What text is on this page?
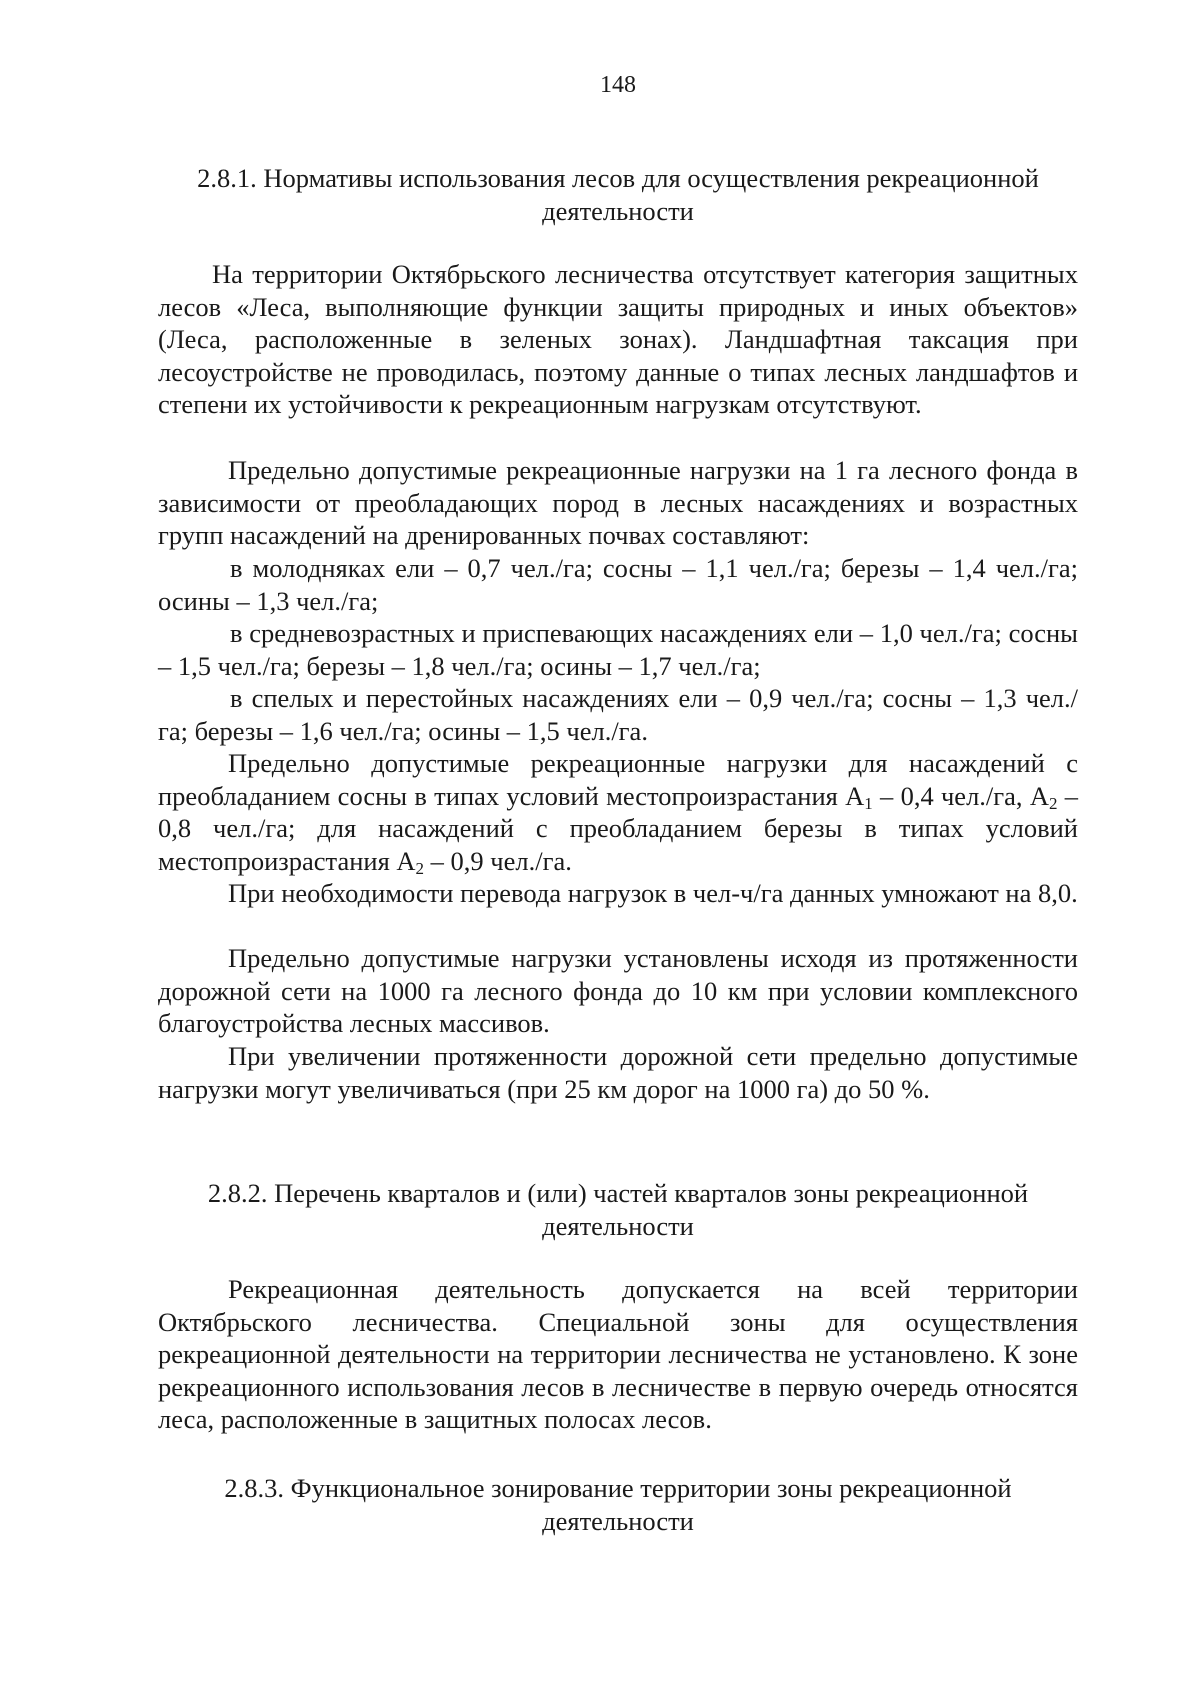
148
2.8.1. Нормативы использования лесов для осуществления рекреационной
деятельности

На территории Октябрьского лесничества отсутствует категория защитных лесов «Леса, выполняющие функции защиты природных и иных объектов» (Леса, расположенные в зеленых зонах). Ландшафтная таксация при лесоустройстве не проводилась, поэтому данные о типах лесных ландшафтов и степени их устойчивости к рекреационным нагрузкам отсутствуют.

Предельно допустимые рекреационные нагрузки на 1 га лесного фонда в зависимости от преобладающих пород в лесных насаждениях и возрастных групп насаждений на дренированных почвах составляют:

в молодняках ели – 0,7 чел./га; сосны – 1,1 чел./га; березы – 1,4 чел./га; осины – 1,3 чел./га;

в средневозрастных и приспевающих насаждениях ели – 1,0 чел./га; сосны – 1,5 чел./га; березы – 1,8 чел./га; осины – 1,7 чел./га;

в спелых и перестойных насаждениях ели – 0,9 чел./га; сосны – 1,3 чел./га; березы – 1,6 чел./га; осины – 1,5 чел./га.

Предельно допустимые рекреационные нагрузки для насаждений с преобладанием сосны в типах условий местопроизрастания $А_1 - 0,4$ чел./га, $А_2 - 0,8$ чел./га; для насаждений с преобладанием березы в типах условий местопроизрастания $А_2 - 0,9$ чел./га.

При необходимости перевода нагрузок в чел-ч/га данных умножают на 8,0.

Предельно допустимые нагрузки установлены исходя из протяженности дорожной сети на 1000 га лесного фонда до 10 км при условии комплексного благоустройства лесных массивов.

При увеличении протяженности дорожной сети предельно допустимые нагрузки могут увеличиваться (при 25 км дорог на 1000 га) до 50 %.

2.8.2. Перечень кварталов и (или) частей кварталов зоны рекреационной
деятельности

Рекреационная деятельность допускается на всей территории Октябрьского лесничества. Специальной зоны для осуществления рекреационной деятельности на территории лесничества не установлено. К зоне рекреационного использования лесов в лесничестве в первую очередь относятся леса, расположенные в защитных полосах лесов.

2.8.3. Функциональное зонирование территории зоны рекреационной
деятельности
